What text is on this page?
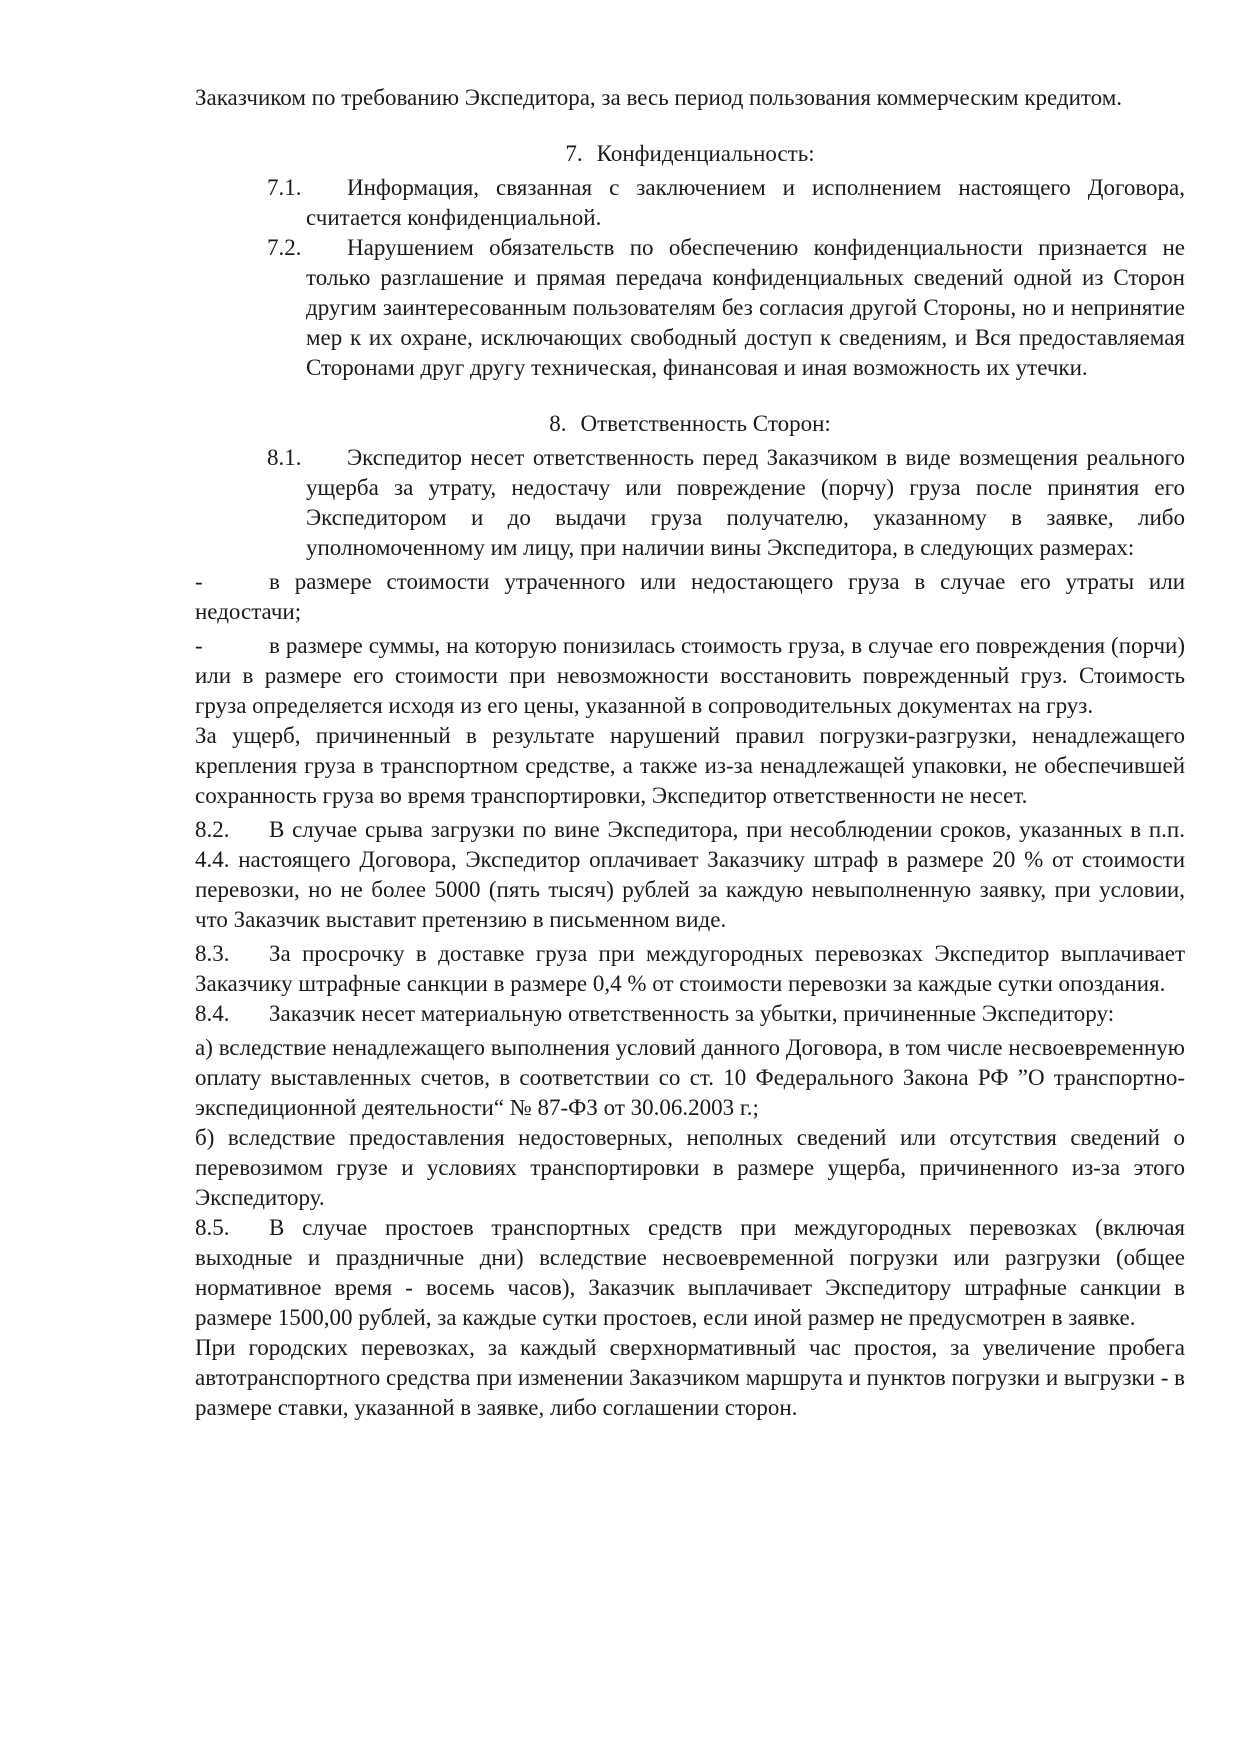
Заказчиком по требованию Экспедитора, за весь период пользования коммерческим кредитом.

7. Конфиденциальность:
7.1.	Информация, связанная с заключением и исполнением настоящего Договора, считается конфиденциальной.

7.2.	Нарушением обязательств по обеспечению конфиденциальности признается не только разглашение и прямая передача конфиденциальных сведений одной из Сторон другим заинтересованным пользователям без согласия другой Стороны, но и непринятие мер к их охране, исключающих свободный доступ к сведениям, и Вся предоставляемая Сторонами друг другу техническая, финансовая и иная возможность их утечки.

8. Ответственность Сторон:
8.1.	Экспедитор несет ответственность перед Заказчиком в виде возмещения реального ущерба за утрату, недостачу или повреждение (порчу) груза после принятия его Экспедитором и до выдачи груза получателю, указанному в заявке, либо уполномоченному им лицу, при наличии вины Экспедитора, в следующих размерах:

-	в размере стоимости утраченного или недостающего груза в случае его утраты или недостачи;

-	в размере суммы, на которую понизилась стоимость груза, в случае его повреждения (порчи) или в размере его стоимости при невозможности восстановить поврежденный груз. Стоимость груза определяется исходя из его цены, указанной в сопроводительных документах на груз.

За ущерб, причиненный в результате нарушений правил погрузки-разгрузки, ненадлежащего крепления груза в транспортном средстве, а также из-за ненадлежащей упаковки, не обеспечившей сохранность груза во время транспортировки, Экспедитор ответственности не несет.

8.2. В случае срыва загрузки по вине Экспедитора, при несоблюдении сроков, указанных в п.п. 4.4. настоящего Договора, Экспедитор оплачивает Заказчику штраф в размере 20 % от стоимости перевозки, но не более 5000 (пять тысяч) рублей за каждую невыполненную заявку, при условии, что Заказчик выставит претензию в письменном виде.

8.3. За просрочку в доставке груза при междугородных перевозках Экспедитор выплачивает Заказчику штрафные санкции в размере 0,4 % от стоимости перевозки за каждые сутки опоздания.

8.4. Заказчик несет материальную ответственность за убытки, причиненные Экспедитору:

а) вследствие ненадлежащего выполнения условий данного Договора, в том числе несвоевременную оплату выставленных счетов, в соответствии со ст. 10 Федерального Закона РФ ”О транспортно-экспедиционной деятельности“ № 87-ФЗ от 30.06.2003 г.;

б) вследствие предоставления недостоверных, неполных сведений или отсутствия сведений о перевозимом грузе и условиях транспортировки в размере ущерба, причиненного из-за этого Экспедитору.

8.5. В случае простоев транспортных средств при междугородных перевозках (включая выходные и праздничные дни) вследствие несвоевременной погрузки или разгрузки (общее нормативное время - восемь часов), Заказчик выплачивает Экспедитору штрафные санкции в размере 1500,00 рублей, за каждые сутки простоев, если иной размер не предусмотрен в заявке.

При городских перевозках, за каждый сверхнормативный час простоя, за увеличение пробега автотранспортного средства при изменении Заказчиком маршрута и пунктов погрузки и выгрузки - в размере ставки, указанной в заявке, либо соглашении сторон.
